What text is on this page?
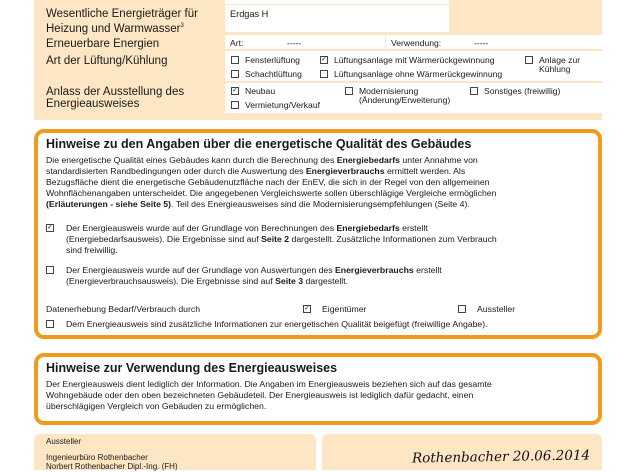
Wesentliche Energieträger für
Heizung und Warmwasser$^3$
Erdgas H
Erneuerbare Energien	Art:	-----	Verwendung:	-----
Art der Lüftung/Kühlung	Fensterlüftung	✓ Lüftungsanlage mit Wärmerückgewinnung	Anlage zur
Kühlung
Schachtlüftung	Lüftungsanlage ohne Wärmerückgewinnung
Anlass der Ausstellung des
Energieausweises
✓ Neubau	Modernisierung
(Änderung/Erweiterung)
Sonstiges (freiwillig)
Vermietung/Verkauf
Hinweise zu den Angaben über die energetische Qualität des Gebäudes
Die energetische Qualität eines Gebäudes kann durch die Berechnung des Energiebedarfs unter Annahme von
standardisierten Randbedingungen oder durch die Auswertung des Energieverbrauchs ermittelt werden. Als
Bezugsfläche dient die energetische Gebäudenutzfläche nach der EnEV, die sich in der Regel von den allgemeinen
Wohnflächenangaben unterscheidet. Die angegebenen Vergleichswerte sollen überschlägige Vergleiche ermöglichen
(Erläuterungen - siehe Seite 5). Teil des Energieausweises sind die Modernisierungsempfehlungen (Seite 4).
✓ Der Energieausweis wurde auf der Grundlage von Berechnungen des Energiebedarfs erstellt
(Energiebedarfsausweis). Die Ergebnisse sind auf Seite 2 dargestellt. Zusätzliche Informationen zum Verbrauch
sind freiwillig.
Der Energieausweis wurde auf der Grundlage von Auswertungen des Energieverbrauchs erstellt
(Energieverbrauchsausweis). Die Ergebnisse sind auf Seite 3 dargestellt.
Datenerhebung Bedarf/Verbrauch durch	✓ Eigentümer	Aussteller
Dem Energieausweis sind zusätzliche Informationen zur energetischen Qualität beigefügt (freiwillige Angabe).
Hinweise zur Verwendung des Energieausweises
Der Energieausweis dient lediglich der Information. Die Angaben im Energieausweis beziehen sich auf das gesamte
Wohngebäude oder den oben bezeichneten Gebäudeteil. Der Energieausweis ist lediglich dafür gedacht, einen
überschlägigen Vergleich von Gebäuden zu ermöglichen.
Aussteller
Ingenieurbüro Rothenbacher
Norbert Rothenbacher Dipl.-Ing. (FH)	Rothenbacher 20.06.2014
